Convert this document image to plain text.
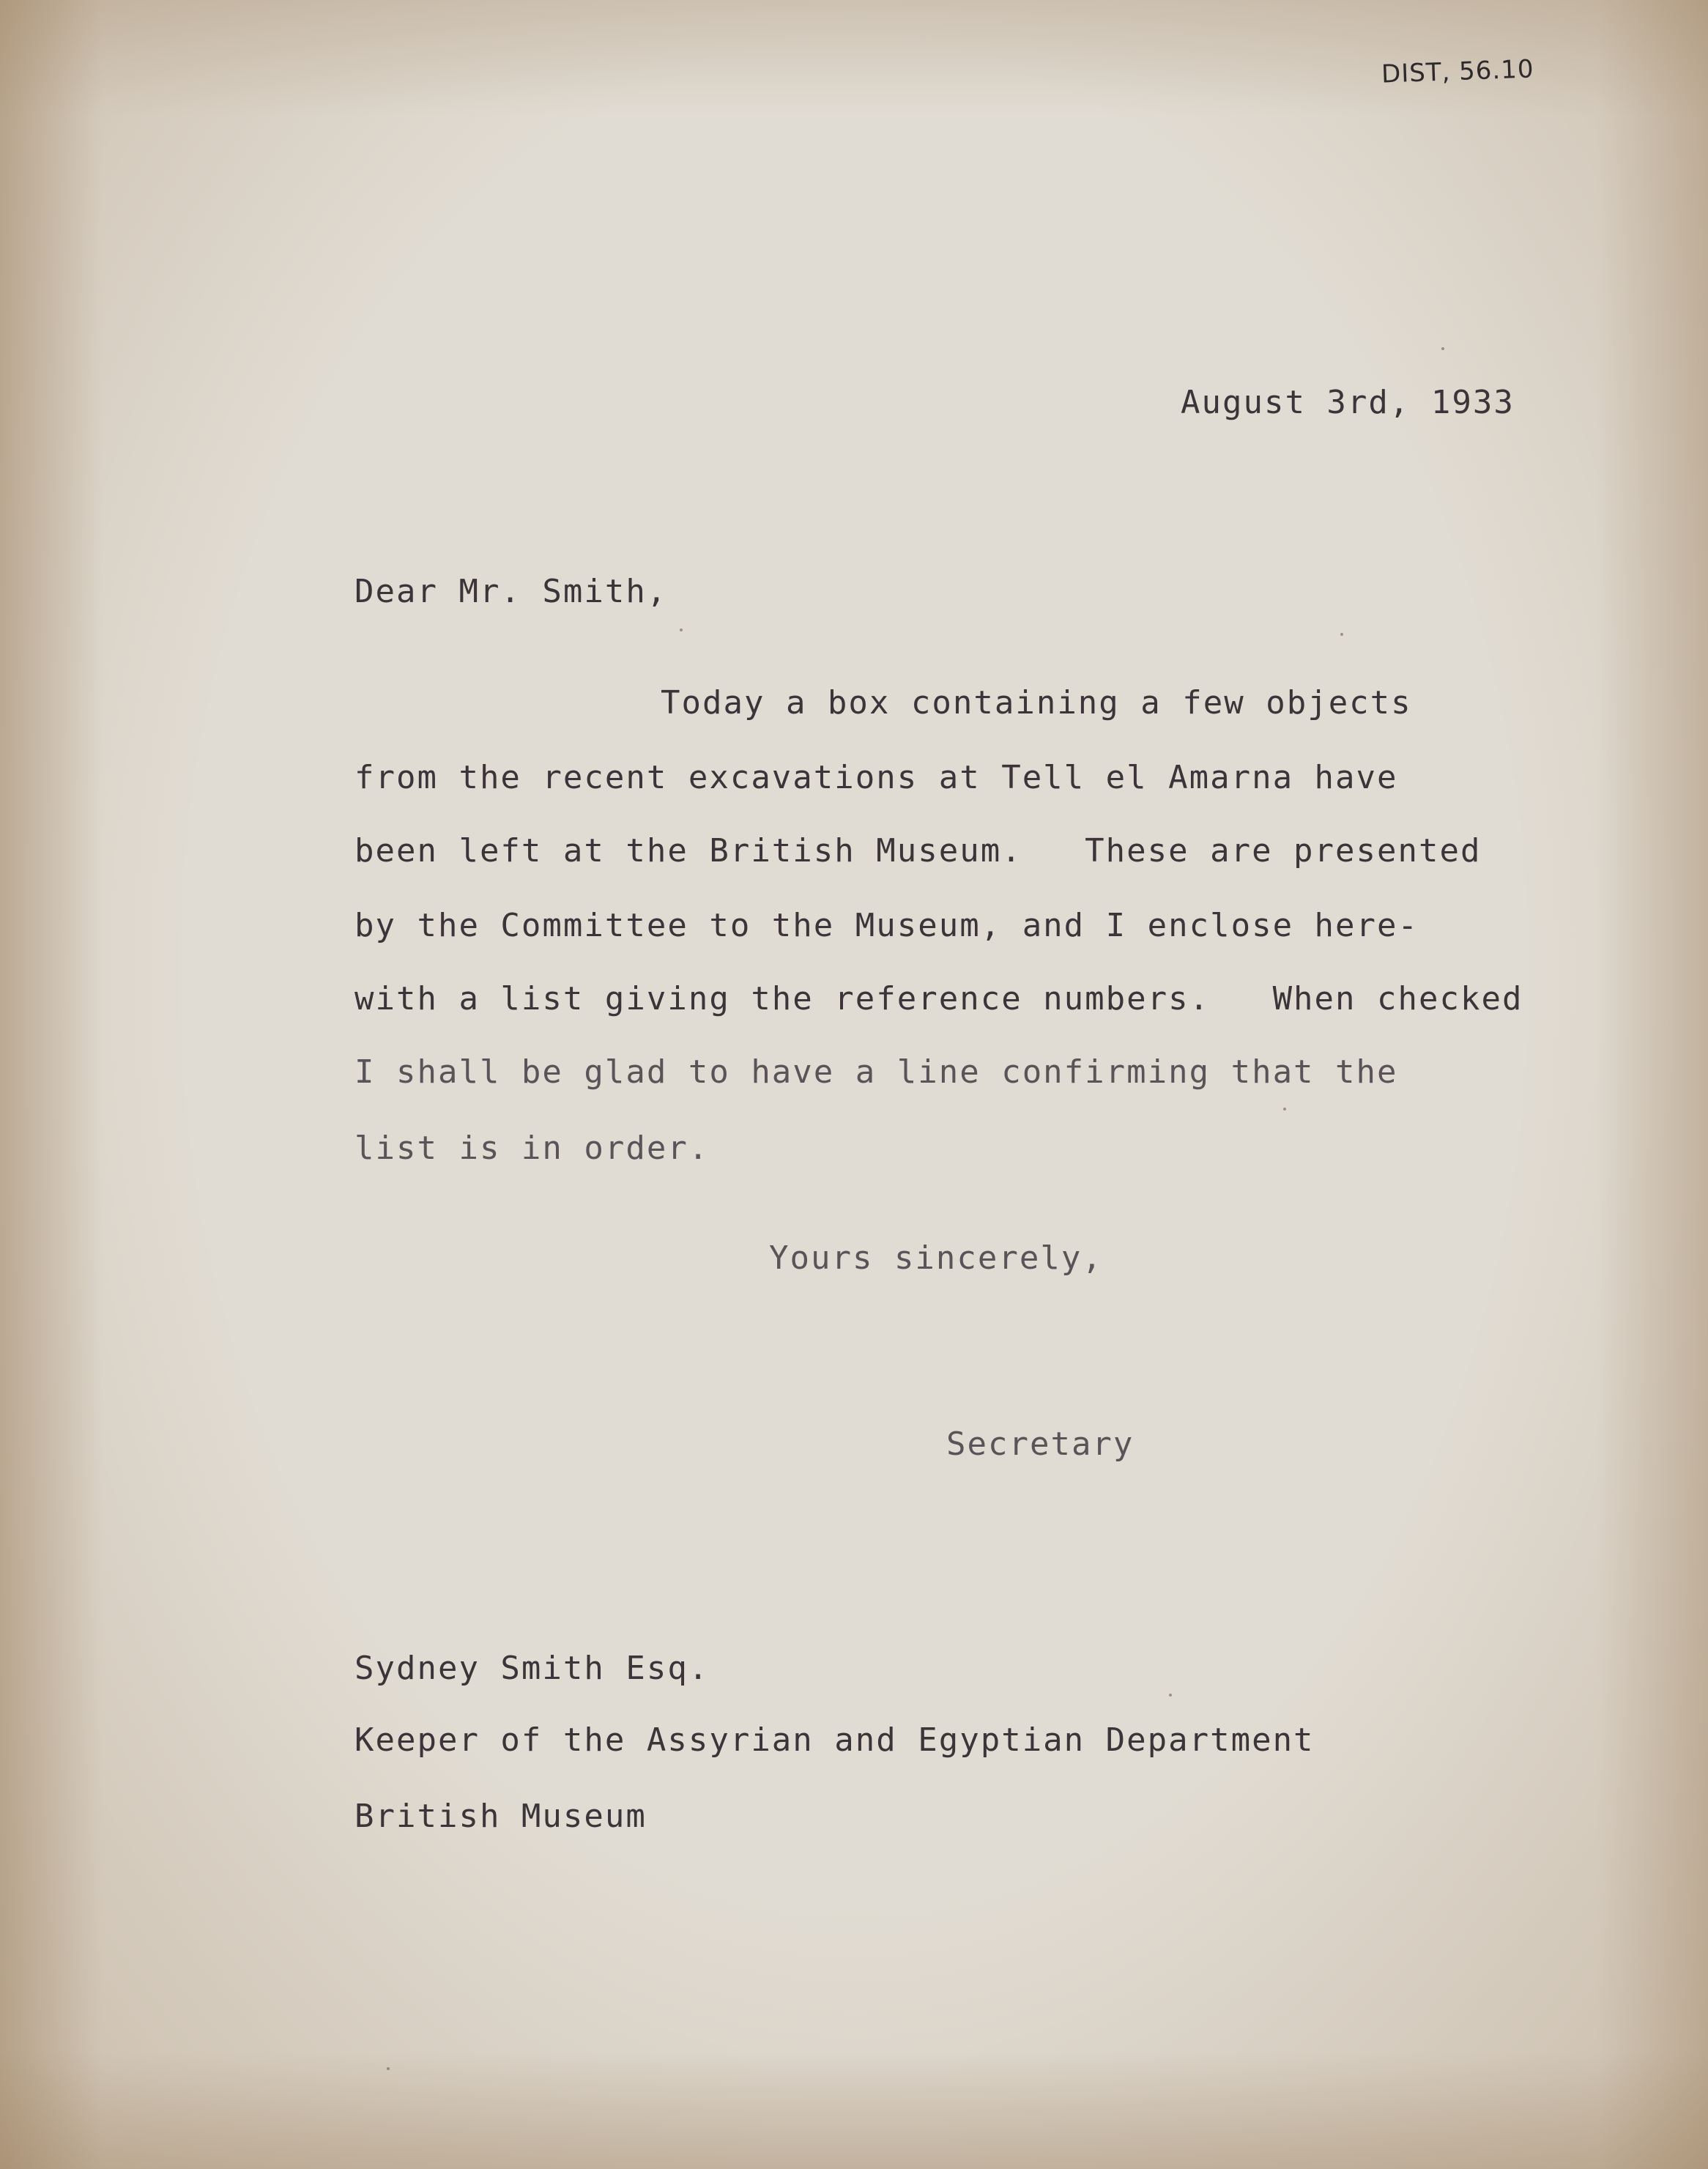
DIST, 56.10
August 3rd, 1933
Dear Mr. Smith,
Today a box containing a few objects
from the recent excavations at Tell el Amarna have
been left at the British Museum.   These are presented
by the Committee to the Museum, and I enclose here-
with a list giving the reference numbers.   When checked
I shall be glad to have a line confirming that the
list is in order.
Yours sincerely,
Secretary
Sydney Smith Esq.
Keeper of the Assyrian and Egyptian Department
British Museum
